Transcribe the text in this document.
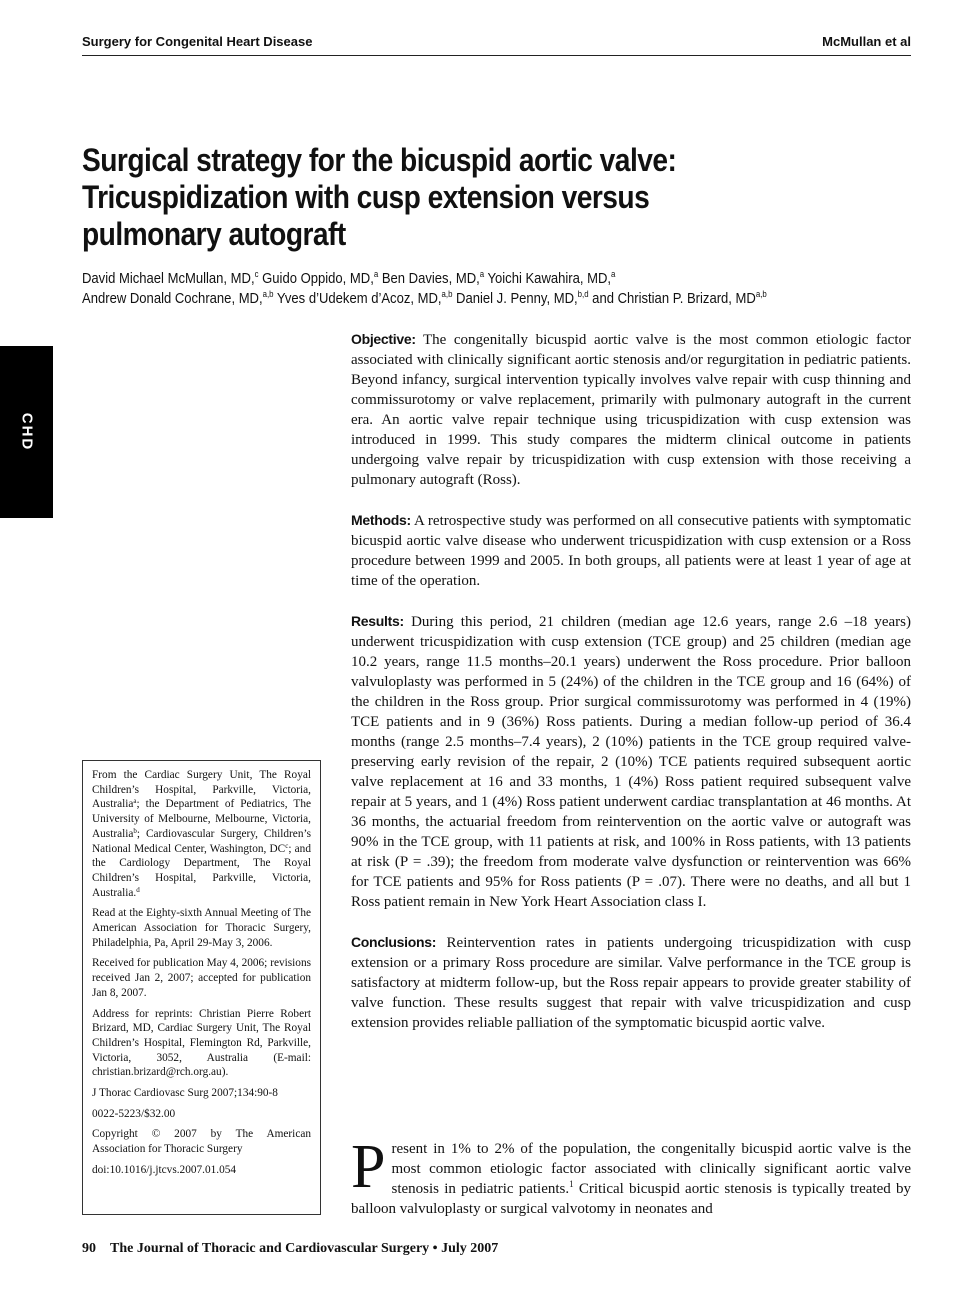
Surgery for Congenital Heart Disease	McMullan et al
CHD
Surgical strategy for the bicuspid aortic valve:
Tricuspidization with cusp extension versus
pulmonary autograft
David Michael McMullan, MD,$^c$ Guido Oppido, MD,$^a$ Ben Davies, MD,$^a$ Yoichi Kawahira, MD,$^a$
Andrew Donald Cochrane, MD,$^{a,b}$ Yves d’Udekem d’Acoz, MD,$^{a,b}$ Daniel J. Penny, MD,$^{b,d}$ and Christian P. Brizard, MD$^{a,b}$

Objective: The congenitally bicuspid aortic valve is the most common etiologic factor associated with clinically significant aortic stenosis and/or regurgitation in pediatric patients. Beyond infancy, surgical intervention typically involves valve repair with cusp thinning and commissurotomy or valve replacement, primarily with pulmonary autograft in the current era. An aortic valve repair technique using tricuspidization with cusp extension was introduced in 1999. This study compares the midterm clinical outcome in patients undergoing valve repair by tricuspidization with cusp extension with those receiving a pulmonary autograft (Ross).

Methods: A retrospective study was performed on all consecutive patients with symptomatic bicuspid aortic valve disease who underwent tricuspidization with cusp extension or a Ross procedure between 1999 and 2005. In both groups, all patients were at least 1 year of age at time of the operation.

Results: During this period, 21 children (median age 12.6 years, range 2.6 –18 years) underwent tricuspidization with cusp extension (TCE group) and 25 children (median age 10.2 years, range 11.5 months–20.1 years) underwent the Ross procedure. Prior balloon valvuloplasty was performed in 5 (24%) of the children in the TCE group and 16 (64%) of the children in the Ross group. Prior surgical commissurotomy was performed in 4 (19%) TCE patients and in 9 (36%) Ross patients. During a median follow-up period of 36.4 months (range 2.5 months–7.4 years), 2 (10%) patients in the TCE group required valve-preserving early revision of the repair, 2 (10%) TCE patients required subsequent aortic valve replacement at 16 and 33 months, 1 (4%) Ross patient required subsequent valve repair at 5 years, and 1 (4%) Ross patient underwent cardiac transplantation at 46 months. At 36 months, the actuarial freedom from reintervention on the aortic valve or autograft was 90% in the TCE group, with 11 patients at risk, and 100% in Ross patients, with 13 patients at risk (P = .39); the freedom from moderate valve dysfunction or reintervention was 66% for TCE patients and 95% for Ross patients (P = .07). There were no deaths, and all but 1 Ross patient remain in New York Heart Association class I.

Conclusions: Reintervention rates in patients undergoing tricuspidization with cusp extension or a primary Ross procedure are similar. Valve performance in the TCE group is satisfactory at midterm follow-up, but the Ross repair appears to provide greater stability of valve function. These results suggest that repair with valve tricuspidization and cusp extension provides reliable palliation of the symptomatic bicuspid aortic valve.

From the Cardiac Surgery Unit, The Royal Children’s Hospital, Parkville, Victoria, Australia$^a$; the Department of Pediatrics, The University of Melbourne, Melbourne, Victoria, Australia$^b$; Cardiovascular Surgery, Children’s National Medical Center, Washington, $DC^c$; and the Cardiology Department, The Royal Children’s Hospital, Parkville, Victoria, Australia.$^d$

Read at the Eighty-sixth Annual Meeting of The American Association for Thoracic Surgery, Philadelphia, Pa, April 29-May 3, 2006.

Received for publication May 4, 2006; revisions received Jan 2, 2007; accepted for publication Jan 8, 2007.

Address for reprints: Christian Pierre Robert Brizard, MD, Cardiac Surgery Unit, The Royal Children’s Hospital, Flemington Rd, Parkville, Victoria, 3052, Australia (E-mail: christian.brizard@rch.org.au).

J Thorac Cardiovasc Surg 2007;134:90-8

0022-5223/$32.00

Copyright © 2007 by The American Association for Thoracic Surgery

doi:10.1016/j.jtcvs.2007.01.054	Present in 1% to 2% of the population, the congenitally bicuspid aortic valve is the most common etiologic factor associated with clinically significant aortic valve stenosis in pediatric patients.$^1$ Critical bicuspid aortic stenosis is typically treated by balloon valvuloplasty or surgical valvotomy in neonates and
90 The Journal of Thoracic and Cardiovascular Surgery • July 2007
